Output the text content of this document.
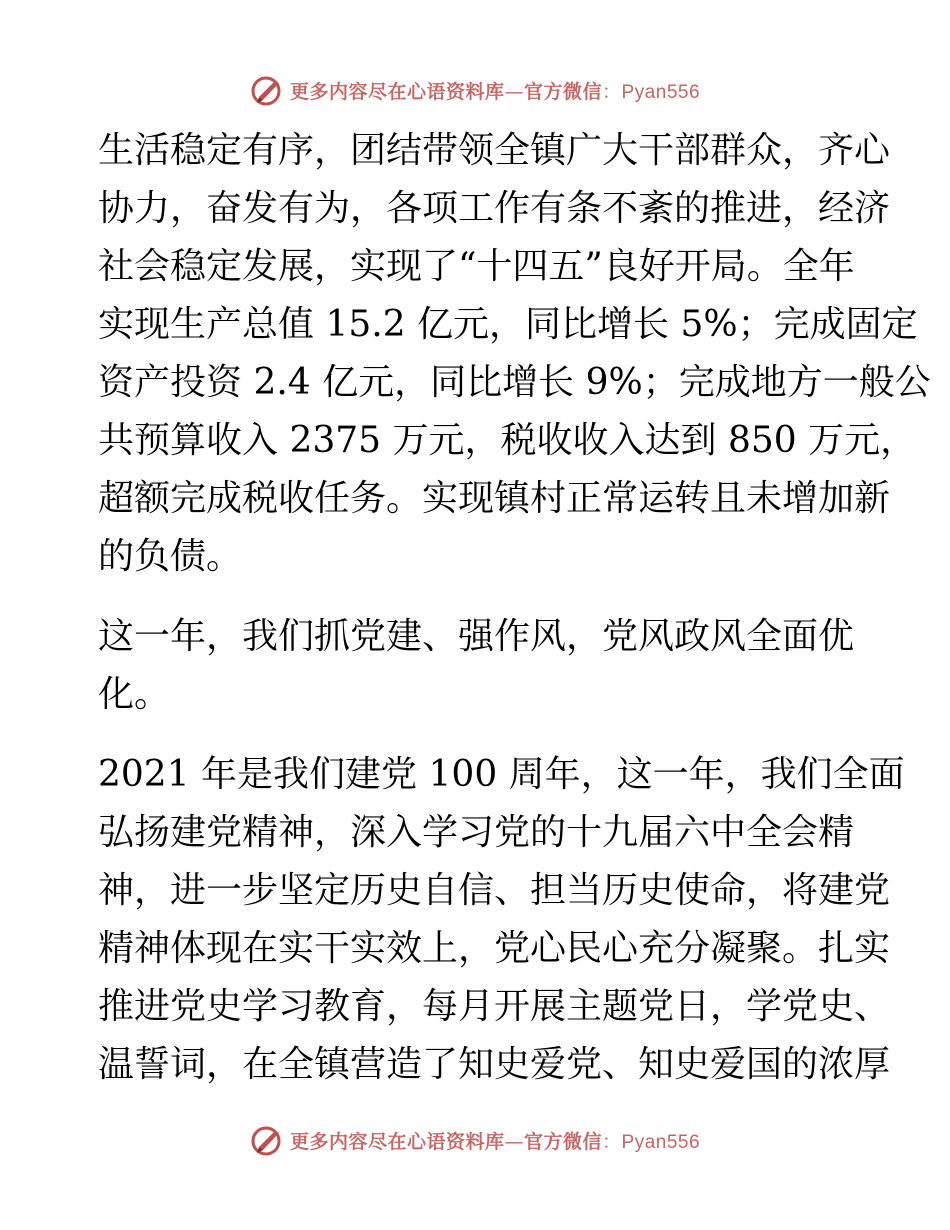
更多内容尽在心语资料库—官方微信：Pyan556

生活稳定有序，团结带领全镇广大干部群众，齐心
协力，奋发有为，各项工作有条不紊的推进，经济
社会稳定发展，实现了“十四五”良好开局。全年
实现生产总值 15.2 亿元，同比增长 5%；完成固定
资产投资 2.4 亿元，同比增长 9%；完成地方一般公
共预算收入 2375 万元，税收收入达到 850 万元，
超额完成税收任务。实现镇村正常运转且未增加新
的负债。

这一年，我们抓党建、强作风，党风政风全面优
化。

2021 年是我们建党 100 周年，这一年，我们全面
弘扬建党精神，深入学习党的十九届六中全会精
神，进一步坚定历史自信、担当历史使命，将建党
精神体现在实干实效上，党心民心充分凝聚。扎实
推进党史学习教育，每月开展主题党日，学党史、
温誓词，在全镇营造了知史爱党、知史爱国的浓厚

更多内容尽在心语资料库—官方微信：Pyan556
